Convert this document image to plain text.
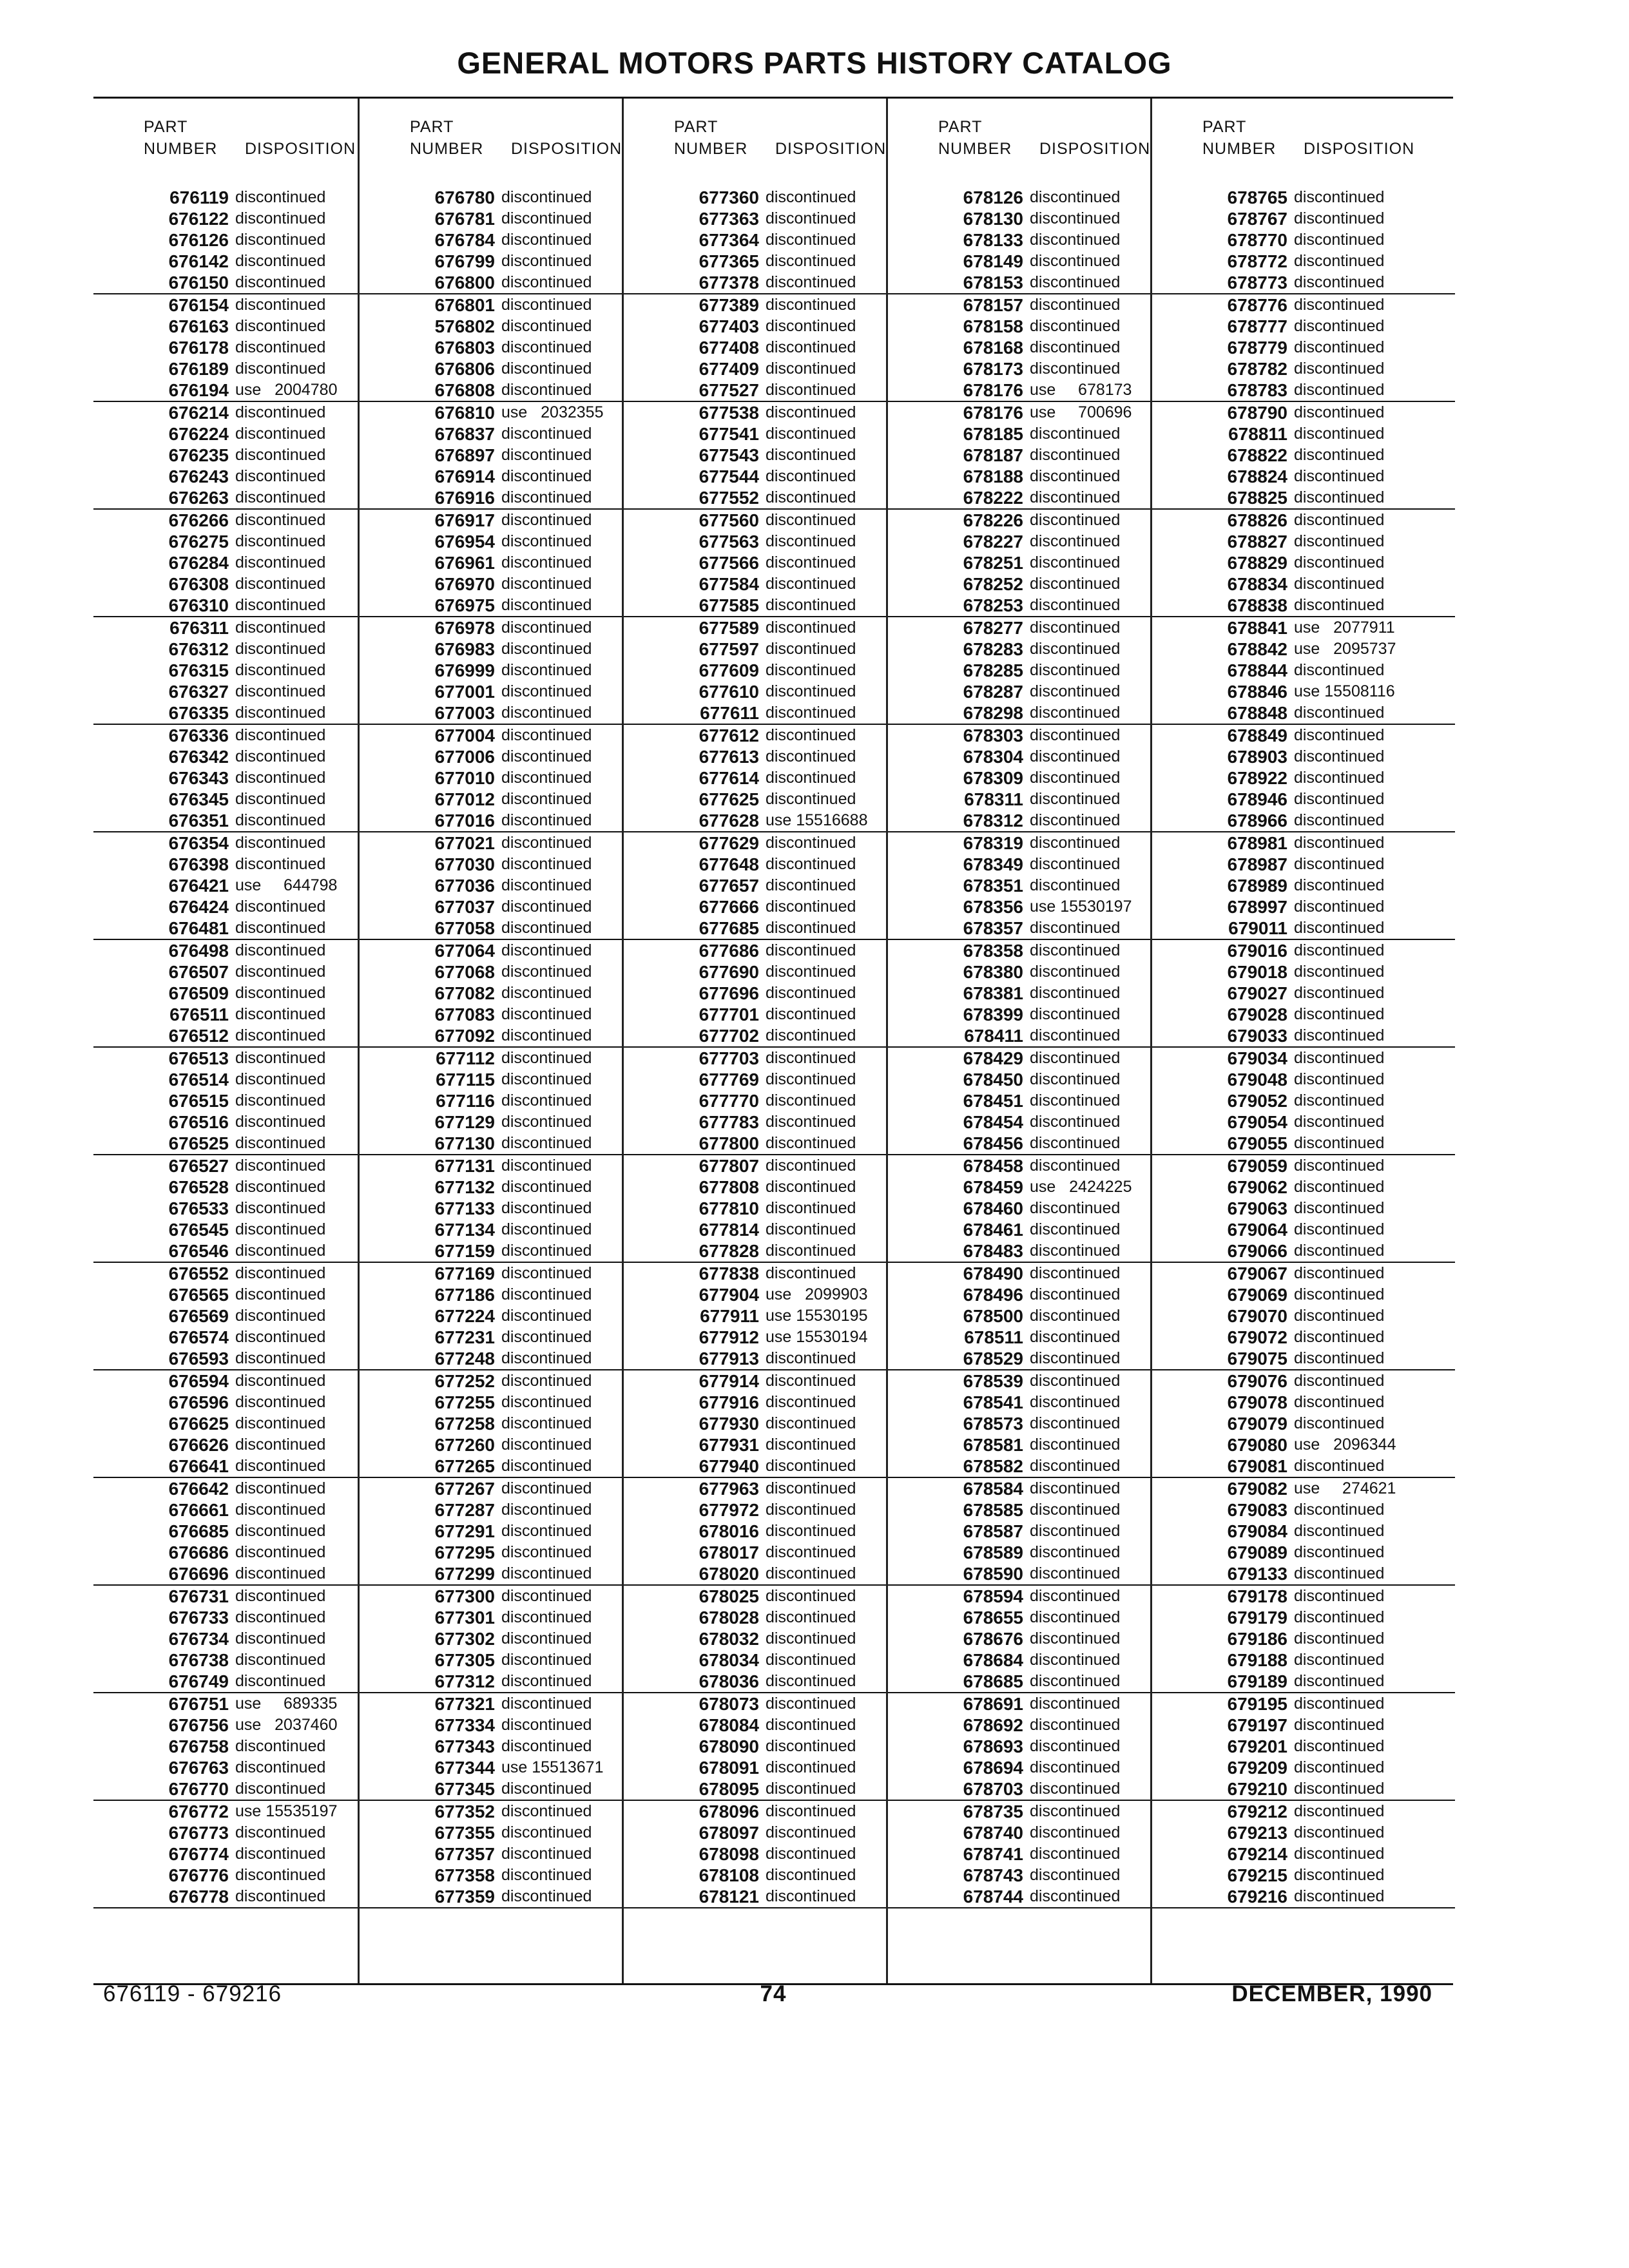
GENERAL MOTORS PARTS HISTORY CATALOG
PART
NUMBER DISPOSITION
676119 discontinued
676122 discontinued
676126 discontinued
676142 discontinued
676150 discontinued
676154 discontinued
676163 discontinued
676178 discontinued
676189 discontinued
676194 use   2004780
676214 discontinued
676224 discontinued
676235 discontinued
676243 discontinued
676263 discontinued
676266 discontinued
676275 discontinued
676284 discontinued
676308 discontinued
676310 discontinued
676311 discontinued
676312 discontinued
676315 discontinued
676327 discontinued
676335 discontinued
676336 discontinued
676342 discontinued
676343 discontinued
676345 discontinued
676351 discontinued
676354 discontinued
676398 discontinued
676421 use     644798
676424 discontinued
676481 discontinued
676498 discontinued
676507 discontinued
676509 discontinued
676511 discontinued
676512 discontinued
676513 discontinued
676514 discontinued
676515 discontinued
676516 discontinued
676525 discontinued
676527 discontinued
676528 discontinued
676533 discontinued
676545 discontinued
676546 discontinued
676552 discontinued
676565 discontinued
676569 discontinued
676574 discontinued
676593 discontinued
676594 discontinued
676596 discontinued
676625 discontinued
676626 discontinued
676641 discontinued
676642 discontinued
676661 discontinued
676685 discontinued
676686 discontinued
676696 discontinued
676731 discontinued
676733 discontinued
676734 discontinued
676738 discontinued
676749 discontinued
676751 use     689335
676756 use   2037460
676758 discontinued
676763 discontinued
676770 discontinued
676772 use 15535197
676773 discontinued
676774 discontinued
676776 discontinued
676778 discontinued
PART
NUMBER DISPOSITION
676780 discontinued
676781 discontinued
676784 discontinued
676799 discontinued
676800 discontinued
676801 discontinued
576802 discontinued
676803 discontinued
676806 discontinued
676808 discontinued
676810 use   2032355
676837 discontinued
676897 discontinued
676914 discontinued
676916 discontinued
676917 discontinued
676954 discontinued
676961 discontinued
676970 discontinued
676975 discontinued
676978 discontinued
676983 discontinued
676999 discontinued
677001 discontinued
677003 discontinued
677004 discontinued
677006 discontinued
677010 discontinued
677012 discontinued
677016 discontinued
677021 discontinued
677030 discontinued
677036 discontinued
677037 discontinued
677058 discontinued
677064 discontinued
677068 discontinued
677082 discontinued
677083 discontinued
677092 discontinued
677112 discontinued
677115 discontinued
677116 discontinued
677129 discontinued
677130 discontinued
677131 discontinued
677132 discontinued
677133 discontinued
677134 discontinued
677159 discontinued
677169 discontinued
677186 discontinued
677224 discontinued
677231 discontinued
677248 discontinued
677252 discontinued
677255 discontinued
677258 discontinued
677260 discontinued
677265 discontinued
677267 discontinued
677287 discontinued
677291 discontinued
677295 discontinued
677299 discontinued
677300 discontinued
677301 discontinued
677302 discontinued
677305 discontinued
677312 discontinued
677321 discontinued
677334 discontinued
677343 discontinued
677344 use 15513671
677345 discontinued
677352 discontinued
677355 discontinued
677357 discontinued
677358 discontinued
677359 discontinued
PART
NUMBER DISPOSITION
677360 discontinued
677363 discontinued
677364 discontinued
677365 discontinued
677378 discontinued
677389 discontinued
677403 discontinued
677408 discontinued
677409 discontinued
677527 discontinued
677538 discontinued
677541 discontinued
677543 discontinued
677544 discontinued
677552 discontinued
677560 discontinued
677563 discontinued
677566 discontinued
677584 discontinued
677585 discontinued
677589 discontinued
677597 discontinued
677609 discontinued
677610 discontinued
677611 discontinued
677612 discontinued
677613 discontinued
677614 discontinued
677625 discontinued
677628 use 15516688
677629 discontinued
677648 discontinued
677657 discontinued
677666 discontinued
677685 discontinued
677686 discontinued
677690 discontinued
677696 discontinued
677701 discontinued
677702 discontinued
677703 discontinued
677769 discontinued
677770 discontinued
677783 discontinued
677800 discontinued
677807 discontinued
677808 discontinued
677810 discontinued
677814 discontinued
677828 discontinued
677838 discontinued
677904 use   2099903
677911 use 15530195
677912 use 15530194
677913 discontinued
677914 discontinued
677916 discontinued
677930 discontinued
677931 discontinued
677940 discontinued
677963 discontinued
677972 discontinued
678016 discontinued
678017 discontinued
678020 discontinued
678025 discontinued
678028 discontinued
678032 discontinued
678034 discontinued
678036 discontinued
678073 discontinued
678084 discontinued
678090 discontinued
678091 discontinued
678095 discontinued
678096 discontinued
678097 discontinued
678098 discontinued
678108 discontinued
678121 discontinued
PART
NUMBER DISPOSITION
678126 discontinued
678130 discontinued
678133 discontinued
678149 discontinued
678153 discontinued
678157 discontinued
678158 discontinued
678168 discontinued
678173 discontinued
678176 use     678173
678176 use     700696
678185 discontinued
678187 discontinued
678188 discontinued
678222 discontinued
678226 discontinued
678227 discontinued
678251 discontinued
678252 discontinued
678253 discontinued
678277 discontinued
678283 discontinued
678285 discontinued
678287 discontinued
678298 discontinued
678303 discontinued
678304 discontinued
678309 discontinued
678311 discontinued
678312 discontinued
678319 discontinued
678349 discontinued
678351 discontinued
678356 use 15530197
678357 discontinued
678358 discontinued
678380 discontinued
678381 discontinued
678399 discontinued
678411 discontinued
678429 discontinued
678450 discontinued
678451 discontinued
678454 discontinued
678456 discontinued
678458 discontinued
678459 use   2424225
678460 discontinued
678461 discontinued
678483 discontinued
678490 discontinued
678496 discontinued
678500 discontinued
678511 discontinued
678529 discontinued
678539 discontinued
678541 discontinued
678573 discontinued
678581 discontinued
678582 discontinued
678584 discontinued
678585 discontinued
678587 discontinued
678589 discontinued
678590 discontinued
678594 discontinued
678655 discontinued
678676 discontinued
678684 discontinued
678685 discontinued
678691 discontinued
678692 discontinued
678693 discontinued
678694 discontinued
678703 discontinued
678735 discontinued
678740 discontinued
678741 discontinued
678743 discontinued
678744 discontinued
PART
NUMBER DISPOSITION
678765 discontinued
678767 discontinued
678770 discontinued
678772 discontinued
678773 discontinued
678776 discontinued
678777 discontinued
678779 discontinued
678782 discontinued
678783 discontinued
678790 discontinued
678811 discontinued
678822 discontinued
678824 discontinued
678825 discontinued
678826 discontinued
678827 discontinued
678829 discontinued
678834 discontinued
678838 discontinued
678841 use   2077911
678842 use   2095737
678844 discontinued
678846 use 15508116
678848 discontinued
678849 discontinued
678903 discontinued
678922 discontinued
678946 discontinued
678966 discontinued
678981 discontinued
678987 discontinued
678989 discontinued
678997 discontinued
679011 discontinued
679016 discontinued
679018 discontinued
679027 discontinued
679028 discontinued
679033 discontinued
679034 discontinued
679048 discontinued
679052 discontinued
679054 discontinued
679055 discontinued
679059 discontinued
679062 discontinued
679063 discontinued
679064 discontinued
679066 discontinued
679067 discontinued
679069 discontinued
679070 discontinued
679072 discontinued
679075 discontinued
679076 discontinued
679078 discontinued
679079 discontinued
679080 use   2096344
679081 discontinued
679082 use     274621
679083 discontinued
679084 discontinued
679089 discontinued
679133 discontinued
679178 discontinued
679179 discontinued
679186 discontinued
679188 discontinued
679189 discontinued
679195 discontinued
679197 discontinued
679201 discontinued
679209 discontinued
679210 discontinued
679212 discontinued
679213 discontinued
679214 discontinued
679215 discontinued
679216 discontinued
676119 - 679216	74	DECEMBER, 1990
